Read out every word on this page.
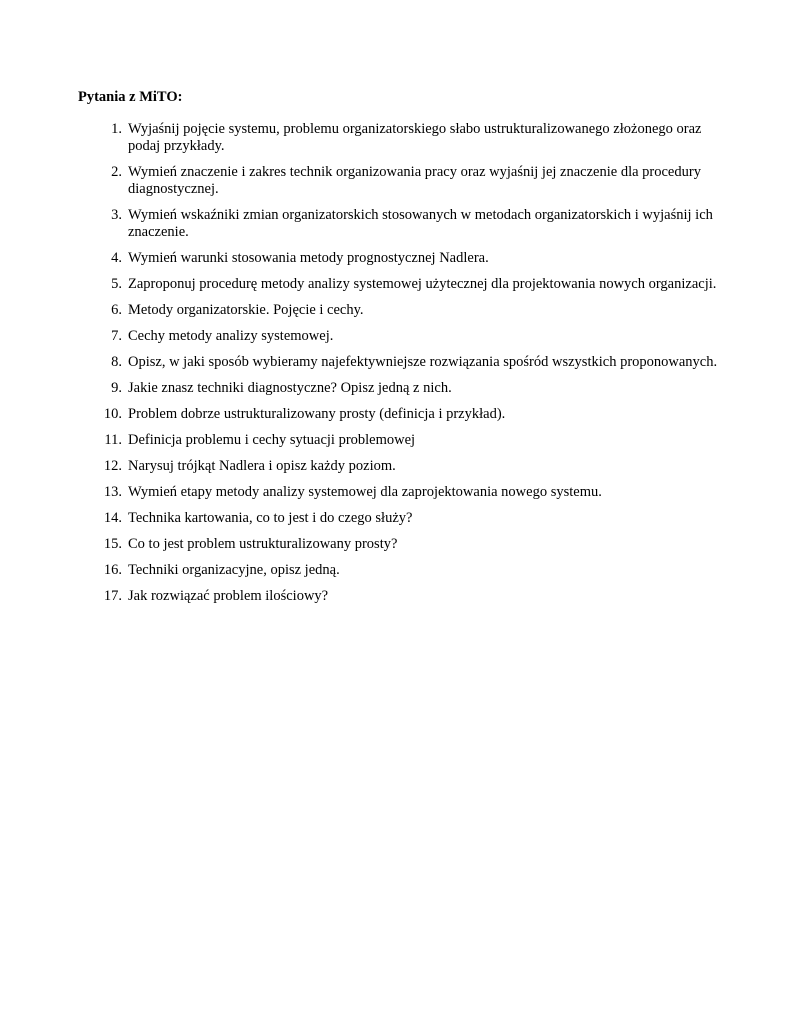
Pytania z MiTO:
1. Wyjaśnij pojęcie systemu, problemu organizatorskiego słabo ustrukturalizowanego złożonego oraz podaj przykłady.
2. Wymień znaczenie i zakres technik organizowania pracy oraz wyjaśnij jej znaczenie dla procedury diagnostycznej.
3. Wymień wskaźniki zmian organizatorskich stosowanych w metodach organizatorskich i wyjaśnij ich znaczenie.
4. Wymień warunki stosowania metody prognostycznej Nadlera.
5. Zaproponuj procedurę metody analizy systemowej użytecznej dla projektowania nowych organizacji.
6. Metody organizatorskie. Pojęcie i cechy.
7. Cechy metody analizy systemowej.
8. Opisz, w jaki sposób wybieramy najefektywniejsze rozwiązania spośród wszystkich proponowanych.
9. Jakie znasz techniki diagnostyczne? Opisz jedną z nich.
10. Problem dobrze ustrukturalizowany prosty (definicja i przykład).
11. Definicja problemu i cechy sytuacji problemowej
12. Narysuj trójkąt Nadlera i opisz każdy poziom.
13. Wymień etapy metody analizy systemowej dla zaprojektowania nowego systemu.
14. Technika kartowania, co to jest i do czego służy?
15. Co to jest problem ustrukturalizowany prosty?
16. Techniki organizacyjne, opisz jedną.
17. Jak rozwiązać problem ilościowy?
